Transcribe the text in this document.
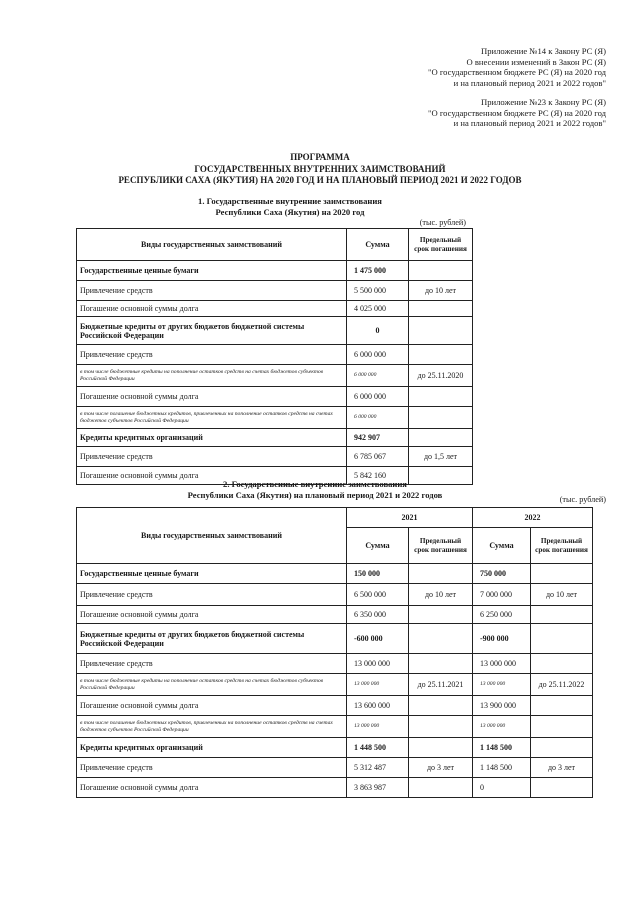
Приложение №14 к Закону РС (Я)
О внесении изменений в Закон РС (Я)
"О государственном бюджете РС (Я) на 2020 год
и на плановый период 2021 и 2022 годов"
Приложение №23 к Закону РС (Я)
"О государственном бюджете РС (Я) на 2020 год
и на плановый период 2021 и 2022 годов"
ПРОГРАММА
ГОСУДАРСТВЕННЫХ ВНУТРЕННИХ ЗАИМСТВОВАНИЙ
РЕСПУБЛИКИ САХА (ЯКУТИЯ) НА 2020 ГОД И НА ПЛАНОВЫЙ ПЕРИОД 2021 И 2022 ГОДОВ
1. Государственные внутренние заимствования
Республики Саха (Якутия) на 2020 год
(тыс. рублей)
Виды государственных заимствований	Сумма	Предельный срок погашения
Государственные ценные бумаги	1 475 000	
Привлечение средств	5 500 000	до 10 лет
Погашение основной суммы долга	4 025 000	
Бюджетные кредиты от других бюджетов бюджетной системы Российской Федерации	0	
Привлечение средств	6 000 000	
в том числе бюджетные кредиты на пополнение остатков средств на счетах бюджетов субъектов Российской Федерации	6 000 000	до 25.11.2020
Погашение основной суммы долга	6 000 000	
в том числе погашение бюджетных кредитов, привлеченных на пополнение остатков средств на счетах бюджетов субъектов Российской Федерации	6 000 000	
Кредиты кредитных организаций	942 907	
Привлечение средств	6 785 067	до 1,5 лет
Погашение основной суммы долга	5 842 160	
2. Государственные внутренние заимствования
Республики Саха (Якутия) на плановый период 2021 и 2022 годов	(тыс. рублей)
Виды государственных заимствований	2021		2022	
	Сумма	Предельный срок погашения	Сумма	Предельный срок погашения
Государственные ценные бумаги	150 000		750 000	
Привлечение средств	6 500 000	до 10 лет	7 000 000	до 10 лет
Погашение основной суммы долга	6 350 000		6 250 000	
Бюджетные кредиты от других бюджетов бюджетной системы Российской Федерации	-600 000		-900 000	
Привлечение средств	13 000 000		13 000 000	
в том числе бюджетные кредиты на пополнение остатков средств на счетах бюджетов субъектов Российской Федерации	13 000 000	до 25.11.2021	13 000 000	до 25.11.2022
Погашение основной суммы долга	13 600 000		13 900 000	
в том числе погашение бюджетных кредитов, привлеченных на пополнение остатков средств на счетах бюджетов субъектов Российской Федерации	13 000 000		13 000 000	
Кредиты кредитных организаций	1 448 500		1 148 500	
Привлечение средств	5 312 487	до 3 лет	1 148 500	до 3 лет
Погашение основной суммы долга	3 863 987		0	
